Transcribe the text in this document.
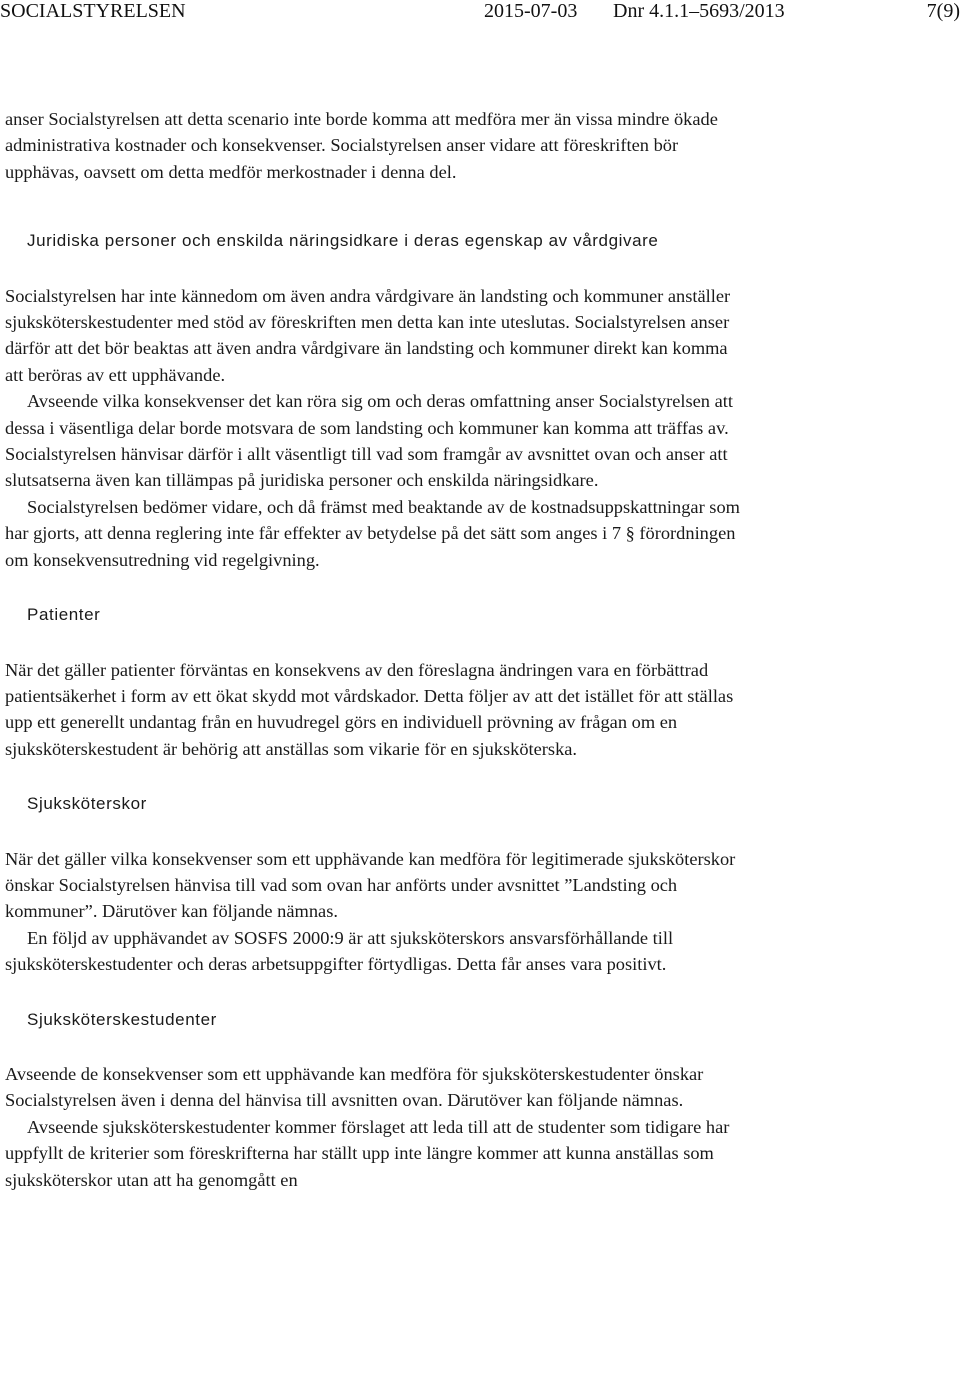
SOCIALSTYRELSEN	2015-07-03 Dnr 4.1.1–5693/2013	7(9)

anser Socialstyrelsen att detta scenario inte borde komma att medföra mer än vissa mindre ökade administrativa kostnader och konsekvenser. Socialstyrelsen anser vidare att föreskriften bör upphävas, oavsett om detta medför merkostnader i denna del.

Juridiska personer och enskilda näringsidkare i deras egenskap av vårdgivare

Socialstyrelsen har inte kännedom om även andra vårdgivare än landsting och kommuner anställer sjuksköterskestudenter med stöd av föreskriften men detta kan inte uteslutas. Socialstyrelsen anser därför att det bör beaktas att även andra vårdgivare än landsting och kommuner direkt kan komma att beröras av ett upphävande.

Avseende vilka konsekvenser det kan röra sig om och deras omfattning anser Socialstyrelsen att dessa i väsentliga delar borde motsvara de som landsting och kommuner kan komma att träffas av. Socialstyrelsen hänvisar därför i allt väsentligt till vad som framgår av avsnittet ovan och anser att slutsatserna även kan tillämpas på juridiska personer och enskilda näringsidkare.

Socialstyrelsen bedömer vidare, och då främst med beaktande av de kostnadsuppskattningar som har gjorts, att denna reglering inte får effekter av betydelse på det sätt som anges i 7 § förordningen om konsekvensutredning vid regelgivning.

Patienter

När det gäller patienter förväntas en konsekvens av den föreslagna ändringen vara en förbättrad patientsäkerhet i form av ett ökat skydd mot vårdskador. Detta följer av att det istället för att ställas upp ett generellt undantag från en huvudregel görs en individuell prövning av frågan om en sjuksköterskestudent är behörig att anställas som vikarie för en sjuksköterska.

Sjuksköterskor

När det gäller vilka konsekvenser som ett upphävande kan medföra för legitimerade sjuksköterskor önskar Socialstyrelsen hänvisa till vad som ovan har anförts under avsnittet ”Landsting och kommuner”. Därutöver kan följande nämnas.

En följd av upphävandet av SOSFS 2000:9 är att sjuksköterskors ansvarsförhållande till sjuksköterskestudenter och deras arbetsuppgifter förtydligas. Detta får anses vara positivt.

Sjuksköterskestudenter

Avseende de konsekvenser som ett upphävande kan medföra för sjuksköterskestudenter önskar Socialstyrelsen även i denna del hänvisa till avsnitten ovan. Därutöver kan följande nämnas.

Avseende sjuksköterskestudenter kommer förslaget att leda till att de studenter som tidigare har uppfyllt de kriterier som föreskrifterna har ställt upp inte längre kommer att kunna anställas som sjuksköterskor utan att ha genomgått en
